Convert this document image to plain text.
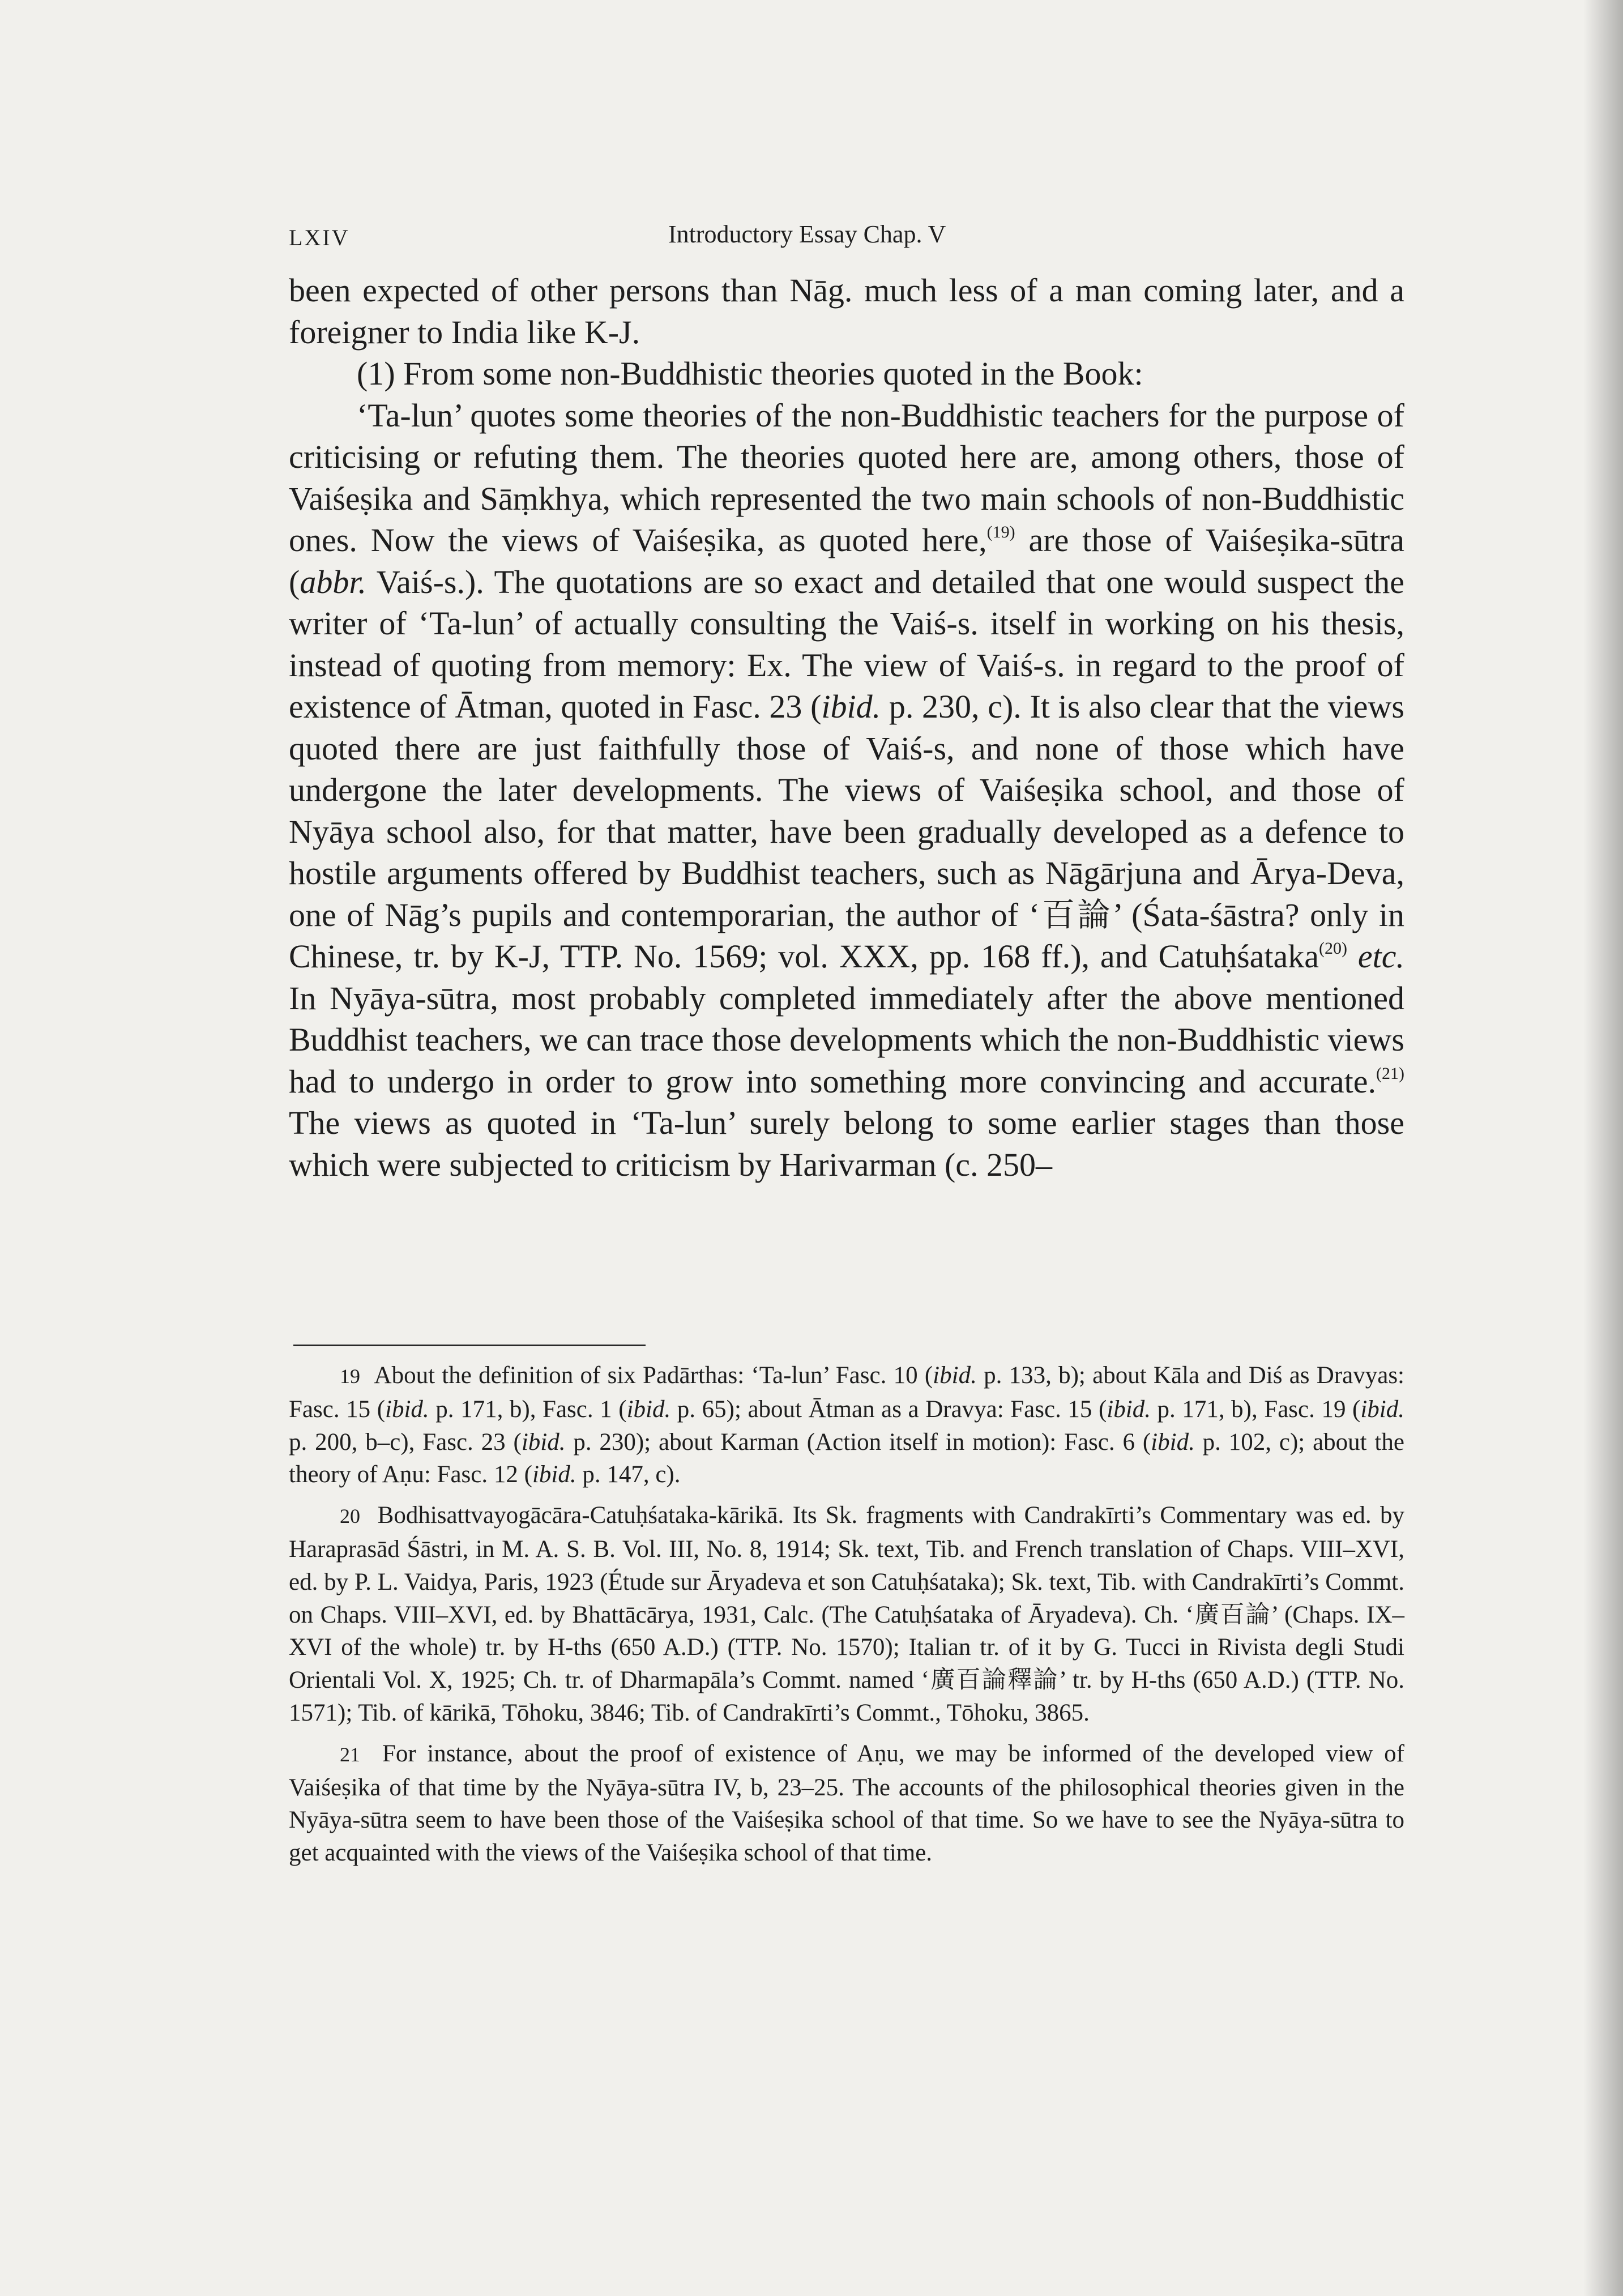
LXIV	Introductory Essay Chap. V

been expected of other persons than Nāg. much less of a man coming later, and a foreigner to India like K-J.

(1) From some non-Buddhistic theories quoted in the Book:

‘Ta-lun’ quotes some theories of the non-Buddhistic teachers for the purpose of criticising or refuting them. The theories quoted here are, among others, those of Vaiśeṣika and Sāṃkhya, which represented the two main schools of non-Buddhistic ones. Now the views of Vaiśeṣika, as quoted here,$^{(19)}$ are those of Vaiśeṣika-sūtra (abbr. Vaiś-s.). The quotations are so exact and detailed that one would suspect the writer of ‘Ta-lun’ of actually consulting the Vaiś-s. itself in working on his thesis, instead of quoting from memory: Ex. The view of Vaiś-s. in regard to the proof of existence of Ātman, quoted in Fasc. 23 (ibid. p. 230, c). It is also clear that the views quoted there are just faithfully those of Vaiś-s, and none of those which have undergone the later developments. The views of Vaiśeṣika school, and those of Nyāya school also, for that matter, have been gradually developed as a defence to hostile arguments offered by Buddhist teachers, such as Nāgārjuna and Ārya-Deva, one of Nāg’s pupils and contemporarian, the author of ‘百論’ (Śata-śāstra? only in Chinese, tr. by K-J, TTP. No. 1569; vol. XXX, pp. 168 ff.), and Catuḥśataka$^{(20)}$ etc. In Nyāya-sūtra, most probably completed immediately after the above mentioned Buddhist teachers, we can trace those developments which the non-Buddhistic views had to undergo in order to grow into something more convincing and accurate.$^{(21)}$ The views as quoted in ‘Ta-lun’ surely belong to some earlier stages than those which were subjected to criticism by Harivarman (c. 250–

19 About the definition of six Padārthas: ‘Ta-lun’ Fasc. 10 (ibid. p. 133, b); about Kāla and Diś as Dravyas: Fasc. 15 (ibid. p. 171, b), Fasc. 1 (ibid. p. 65); about Ātman as a Dravya: Fasc. 15 (ibid. p. 171, b), Fasc. 19 (ibid. p. 200, b–c), Fasc. 23 (ibid. p. 230); about Karman (Action itself in motion): Fasc. 6 (ibid. p. 102, c); about the theory of Aṇu: Fasc. 12 (ibid. p. 147, c).

20 Bodhisattvayogācāra-Catuḥśataka-kārikā. Its Sk. fragments with Candrakīrti’s Commentary was ed. by Haraprasād Śāstri, in M. A. S. B. Vol. III, No. 8, 1914; Sk. text, Tib. and French translation of Chaps. VIII–XVI, ed. by P. L. Vaidya, Paris, 1923 (Étude sur Āryadeva et son Catuḥśataka); Sk. text, Tib. with Candrakīrti’s Commt. on Chaps. VIII–XVI, ed. by Bhattācārya, 1931, Calc. (The Catuḥśataka of Āryadeva). Ch. ‘廣百論’ (Chaps. IX–XVI of the whole) tr. by H-ths (650 A.D.) (TTP. No. 1570); Italian tr. of it by G. Tucci in Rivista degli Studi Orientali Vol. X, 1925; Ch. tr. of Dharmapāla’s Commt. named ‘廣百論釋論’ tr. by H-ths (650 A.D.) (TTP. No. 1571); Tib. of kārikā, Tōhoku, 3846; Tib. of Candrakīrti’s Commt., Tōhoku, 3865.

21 For instance, about the proof of existence of Aṇu, we may be informed of the developed view of Vaiśeṣika of that time by the Nyāya-sūtra IV, b, 23–25. The accounts of the philosophical theories given in the Nyāya-sūtra seem to have been those of the Vaiśeṣika school of that time. So we have to see the Nyāya-sūtra to get acquainted with the views of the Vaiśeṣika school of that time.
